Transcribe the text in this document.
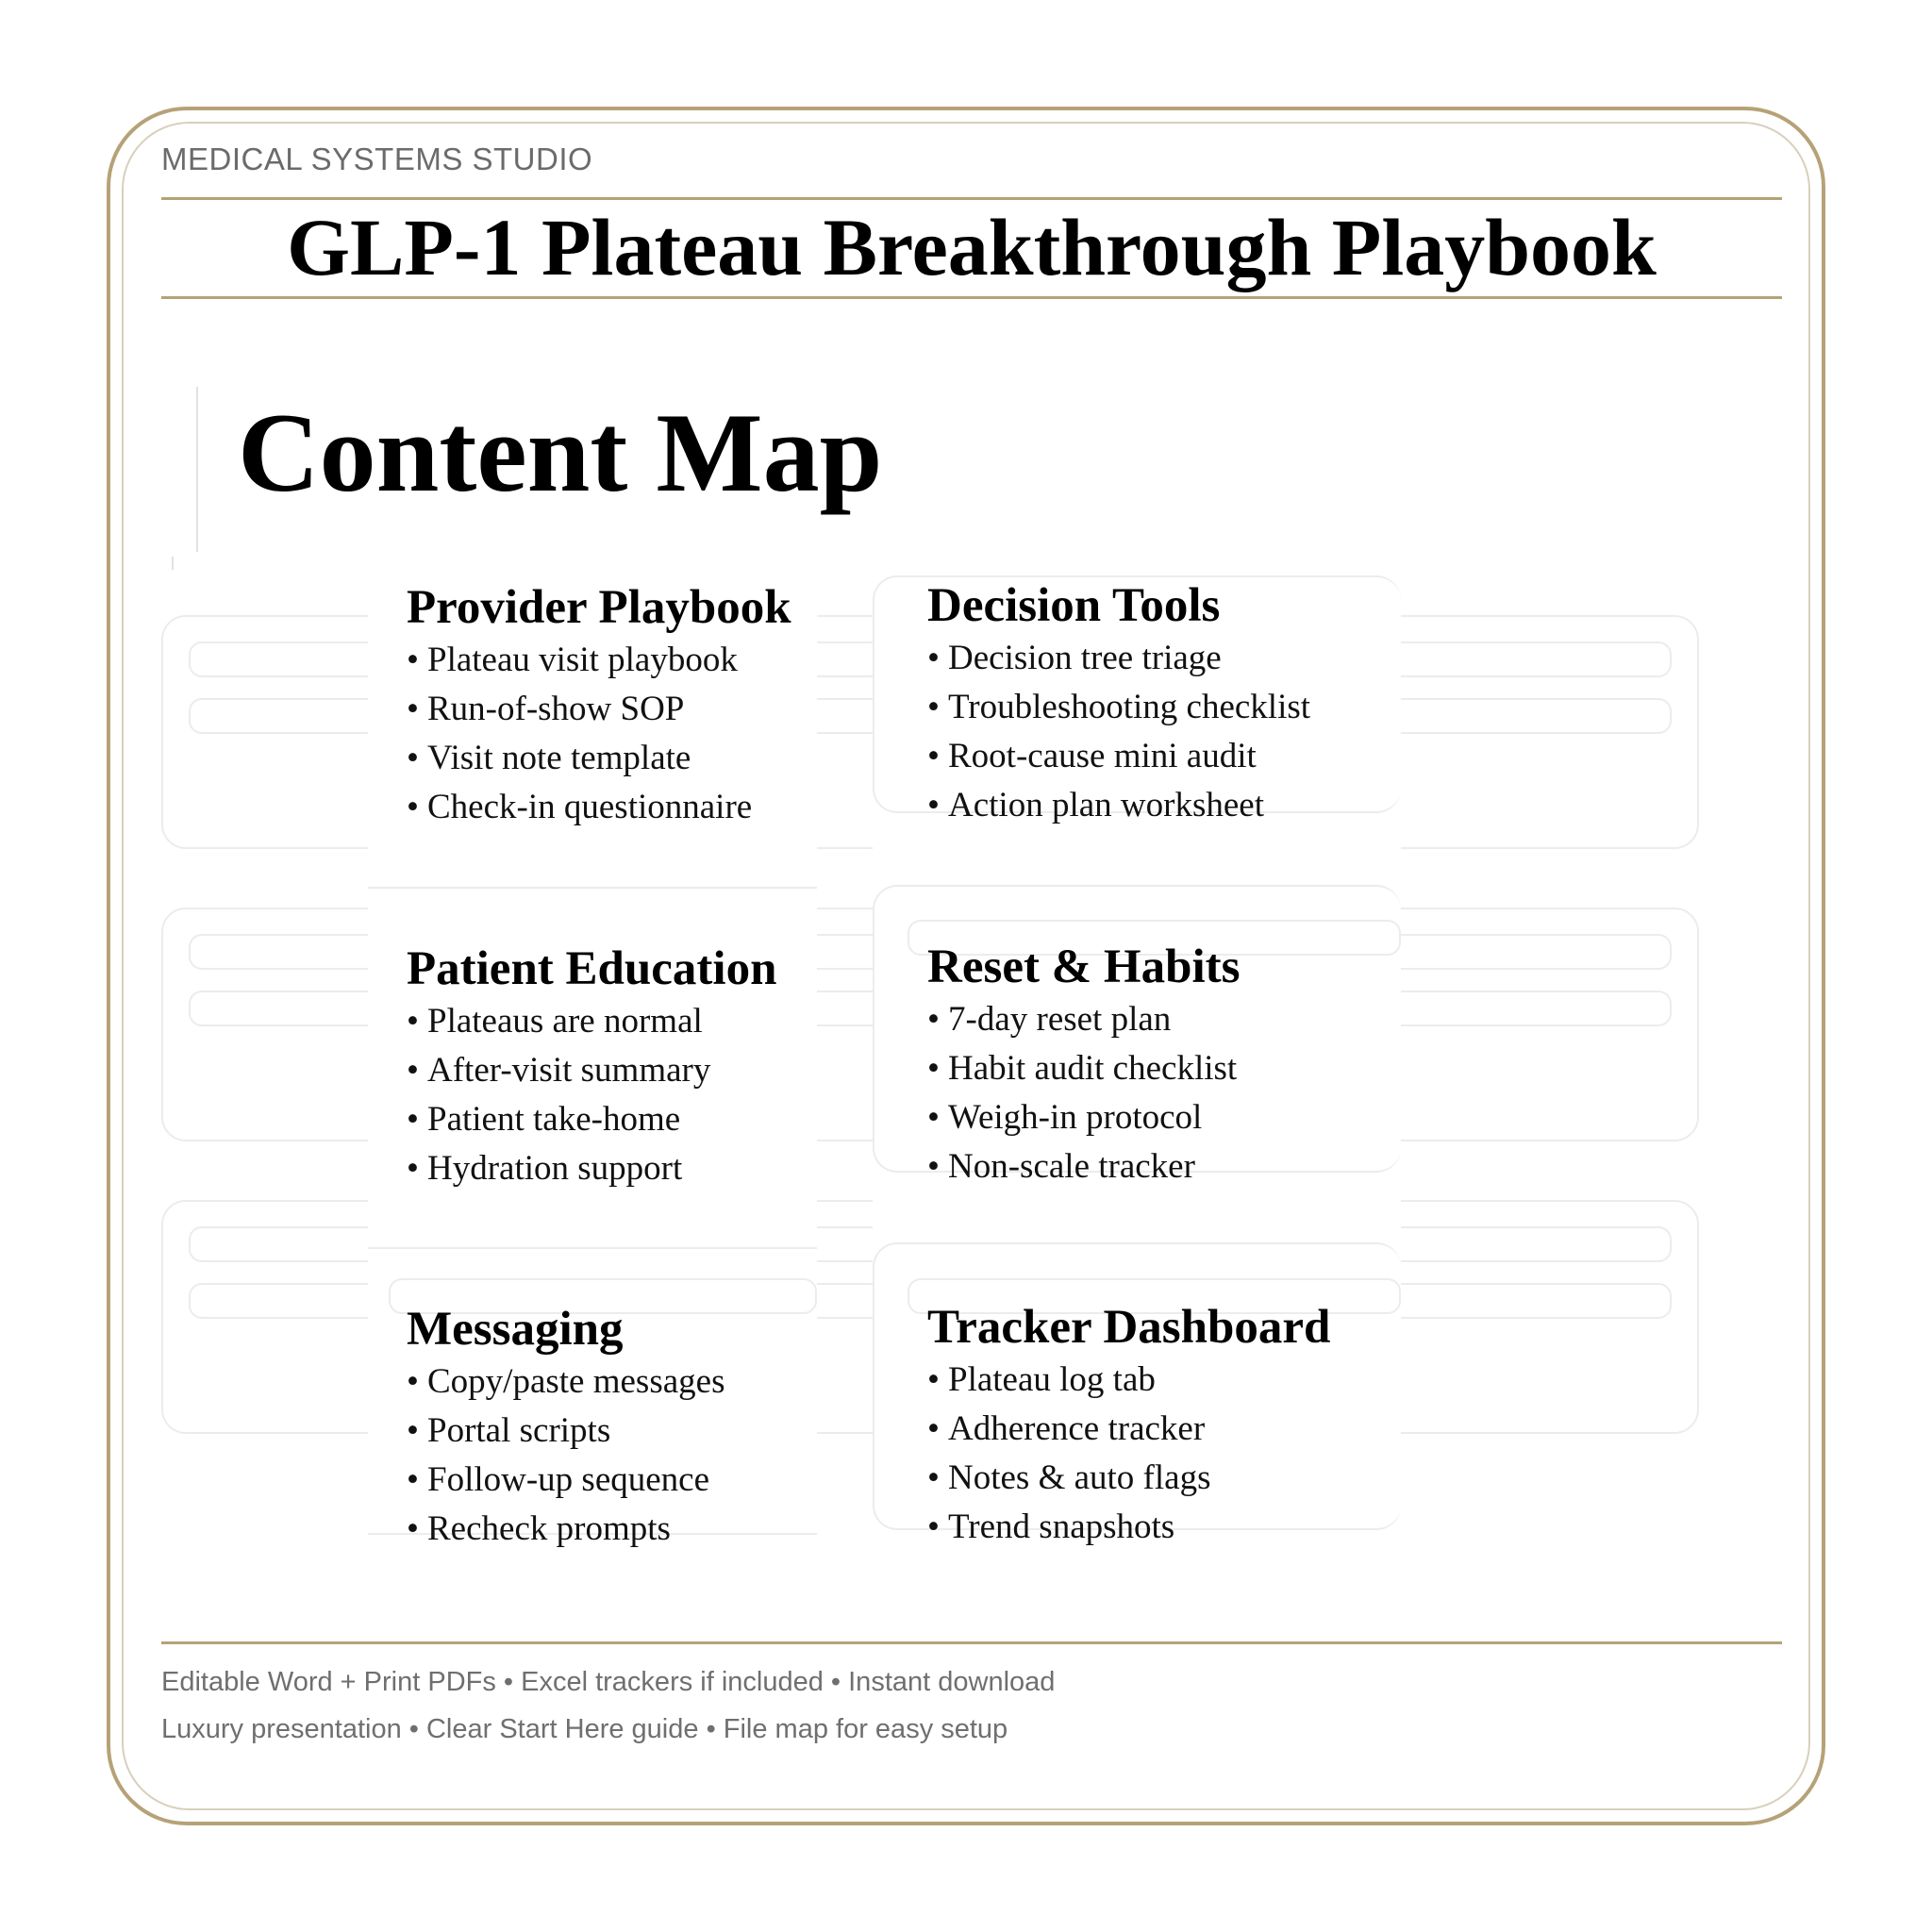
MEDICAL SYSTEMS STUDIO
GLP-1 Plateau Breakthrough Playbook
Content Map
Provider Playbook
• Plateau visit playbook
• Run-of-show SOP
• Visit note template
• Check-in questionnaire
Decision Tools
• Decision tree triage
• Troubleshooting checklist
• Root-cause mini audit
• Action plan worksheet
Patient Education
• Plateaus are normal
• After-visit summary
• Patient take-home
• Hydration support
Reset & Habits
• 7-day reset plan
• Habit audit checklist
• Weigh-in protocol
• Non-scale tracker
Messaging
• Copy/paste messages
• Portal scripts
• Follow-up sequence
• Recheck prompts
Tracker Dashboard
• Plateau log tab
• Adherence tracker
• Notes & auto flags
• Trend snapshots
Editable Word + Print PDFs • Excel trackers if included • Instant download
Luxury presentation • Clear Start Here guide • File map for easy setup
